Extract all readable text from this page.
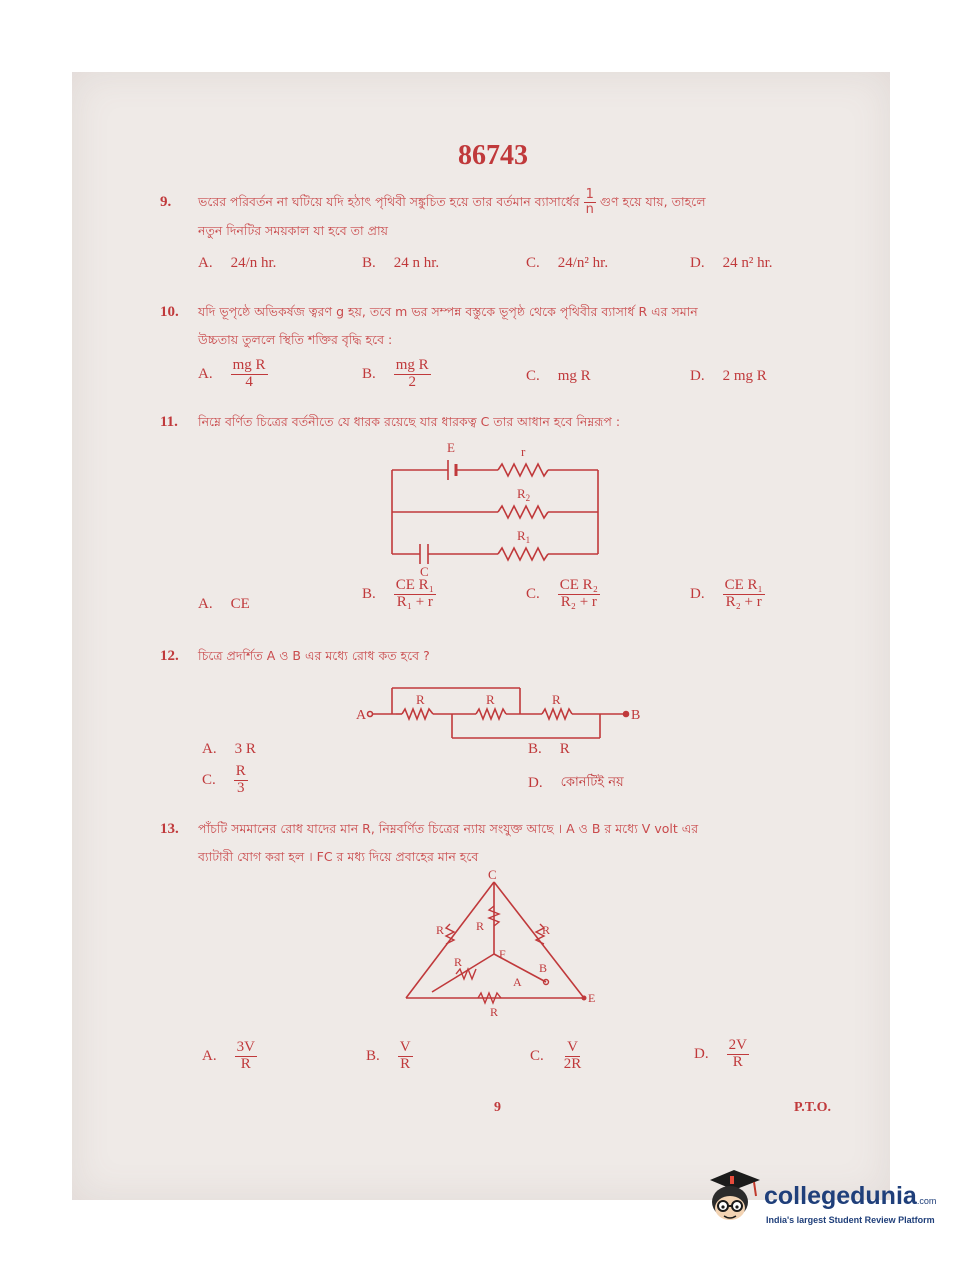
86743
9. ভরের পরিবর্তন না ঘটিয়ে যদি হঠাৎ পৃথিবী সঙ্কুচিত হয়ে তার বর্তমান ব্যাসার্ধের $\frac{1}{n}$ গুণ হয়ে যায়, তাহলে
নতুন দিনটির সময়কাল যা হবে তা প্রায়
A. 24/n hr.	B. 24 n hr.	C. 24/n² hr.	D. 24 n² hr.
10. যদি ভূপৃষ্ঠে অভিকর্ষজ ত্বরণ g হয়, তবে m ভর সম্পন্ন বস্তুকে ভূপৃষ্ঠ থেকে পৃথিবীর ব্যাসার্ধ R এর সমান
উচ্চতায় তুললে স্থিতি শক্তির বৃদ্ধি হবে :
A. $\frac{\text{mg R}}{4}$	B. $\frac{\text{mg R}}{2}$	C. mg R	D. 2 mg R
11. নিম্নে বর্ণিত চিত্রের বর্তনীতে যে ধারক রয়েছে যার ধারকত্ব C তার আধান হবে নিম্নরূপ :
E	r
$R_2$
$R_1$
C
A. CE
B. $\frac{\text{CE R₁}}{\text{R₁ + r}}$	C. $\frac{\text{CE R₂}}{\text{R₂ + r}}$	D. $\frac{\text{CE R₁}}{\text{R₂ + r}}$
12. চিত্রে প্রদর্শিত A ও B এর মধ্যে রোধ কত হবে ?
R	R	R
A	B
A. 3 R	B. R
C. $\frac{R}{3}$	D. কোনটিই নয়
13. পাঁচটি সমমানের রোধ যাদের মান R, নিম্নবর্ণিত চিত্রের ন্যায় সংযুক্ত আছে । A ও B র মধ্যে V volt এর
ব্যাটারী যোগ করা হল । FC র মধ্য দিয়ে প্রবাহের মান হবে
C
F
A
B
E
R	R
R
R
R
A. $\frac{3V}{R}$	B. $\frac{V}{R}$	C. $\frac{V}{2R}$	D. $\frac{2V}{R}$
9	P.T.O.
collegedunia.com
India's largest Student Review Platform
